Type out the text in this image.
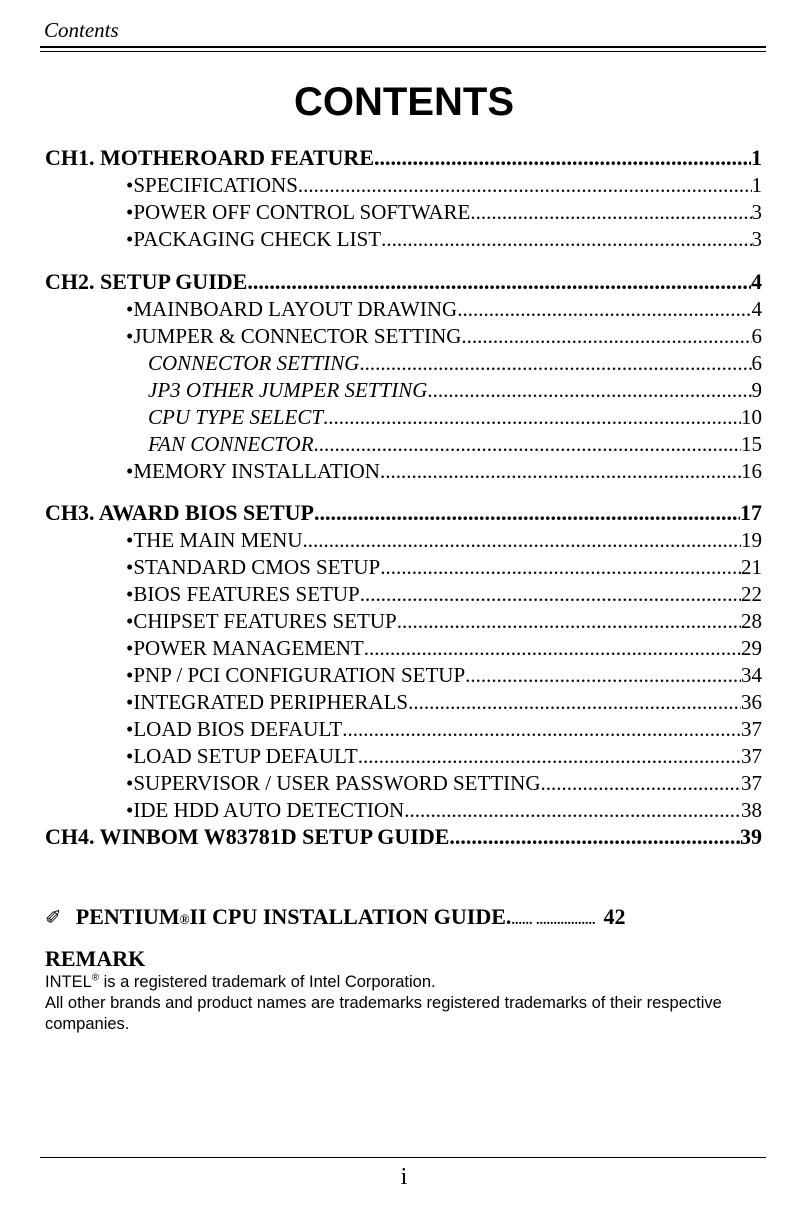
Contents
CONTENTS
CH1. MOTHEROARD FEATURE .....	1
• SPECIFICATIONS .....	1
• POWER OFF CONTROL SOFTWARE .....	3
• PACKAGING CHECK LIST .....	3
CH2. SETUP GUIDE .....	4
• MAINBOARD LAYOUT DRAWING .....	4
• JUMPER & CONNECTOR SETTING .....	6
CONNECTOR SETTING .....	6
JP3 OTHER JUMPER SETTING .....	9
CPU TYPE SELECT .....	10
FAN CONNECTOR .....	15
• MEMORY INSTALLATION .....	16
CH3. AWARD BIOS SETUP .....	17
• THE MAIN MENU .....	19
• STANDARD CMOS SETUP .....	21
• BIOS FEATURES SETUP .....	22
• CHIPSET FEATURES SETUP .....	28
• POWER MANAGEMENT .....	29
• PNP / PCI CONFIGURATION SETUP .....	34
• INTEGRATED PERIPHERALS .....	36
• LOAD BIOS DEFAULT .....	37
• LOAD SETUP DEFAULT .....	37
• SUPERVISOR / USER PASSWORD SETTING .....	37
• IDE HDD AUTO DETECTION .....	38
CH4. WINBOM W83781D SETUP GUIDE .....	39
✐ PENTIUM ® II CPU INSTALLATION GUIDE. ...... ................. 42
REMARK

INTEL® is a registered trademark of Intel Corporation.

All other brands and product names are trademarks registered trademarks of their respective companies.

i
